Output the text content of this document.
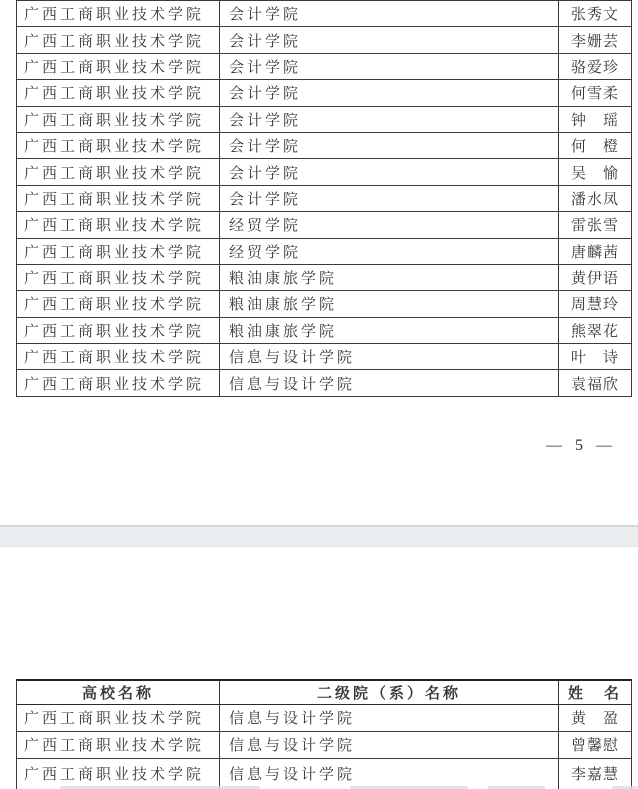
广西工商职业技术学院	会计学院	张秀文
广西工商职业技术学院	会计学院	李姗芸
广西工商职业技术学院	会计学院	骆爱珍
广西工商职业技术学院	会计学院	何雪柔
广西工商职业技术学院	会计学院	钟　瑶
广西工商职业技术学院	会计学院	何　橙
广西工商职业技术学院	会计学院	吴　愉
广西工商职业技术学院	会计学院	潘水凤
广西工商职业技术学院	经贸学院	雷张雪
广西工商职业技术学院	经贸学院	唐麟茜
广西工商职业技术学院	粮油康旅学院	黄伊语
广西工商职业技术学院	粮油康旅学院	周慧玲
广西工商职业技术学院	粮油康旅学院	熊翠花
广西工商职业技术学院	信息与设计学院	叶　诗
广西工商职业技术学院	信息与设计学院	袁福欣
— 5 —
高校名称	二级院（系）名称	姓　名
广西工商职业技术学院	信息与设计学院	黄　盈
广西工商职业技术学院	信息与设计学院	曾馨慰
广西工商职业技术学院	信息与设计学院	李嘉慧
